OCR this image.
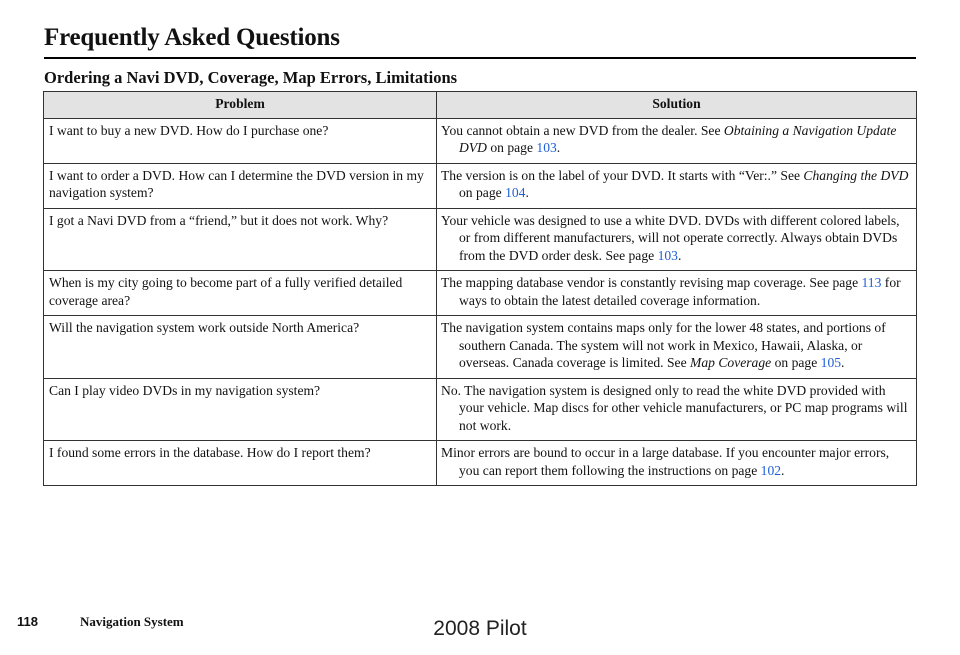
Frequently Asked Questions
Ordering a Navi DVD, Coverage, Map Errors, Limitations
Problem	Solution
I want to buy a new DVD. How do I purchase one?	You cannot obtain a new DVD from the dealer. See Obtaining a Navigation Update DVD on page 103.
I want to order a DVD. How can I determine the DVD version in my navigation system?	The version is on the label of your DVD. It starts with “Ver:.” See Changing the DVD on page 104.
I got a Navi DVD from a “friend,” but it does not work. Why?	Your vehicle was designed to use a white DVD. DVDs with different colored labels, or from different manufacturers, will not operate correctly. Always obtain DVDs from the DVD order desk. See page 103.
When is my city going to become part of a fully verified detailed coverage area?	The mapping database vendor is constantly revising map coverage. See page 113 for ways to obtain the latest detailed coverage information.
Will the navigation system work outside North America?	The navigation system contains maps only for the lower 48 states, and portions of southern Canada. The system will not work in Mexico, Hawaii, Alaska, or overseas. Canada coverage is limited. See Map Coverage on page 105.
Can I play video DVDs in my navigation system?	No. The navigation system is designed only to read the white DVD provided with your vehicle. Map discs for other vehicle manufacturers, or PC map programs will not work.
I found some errors in the database. How do I report them?	Minor errors are bound to occur in a large database. If you encounter major errors, you can report them following the instructions on page 102.
118	Navigation System	2008 Pilot
